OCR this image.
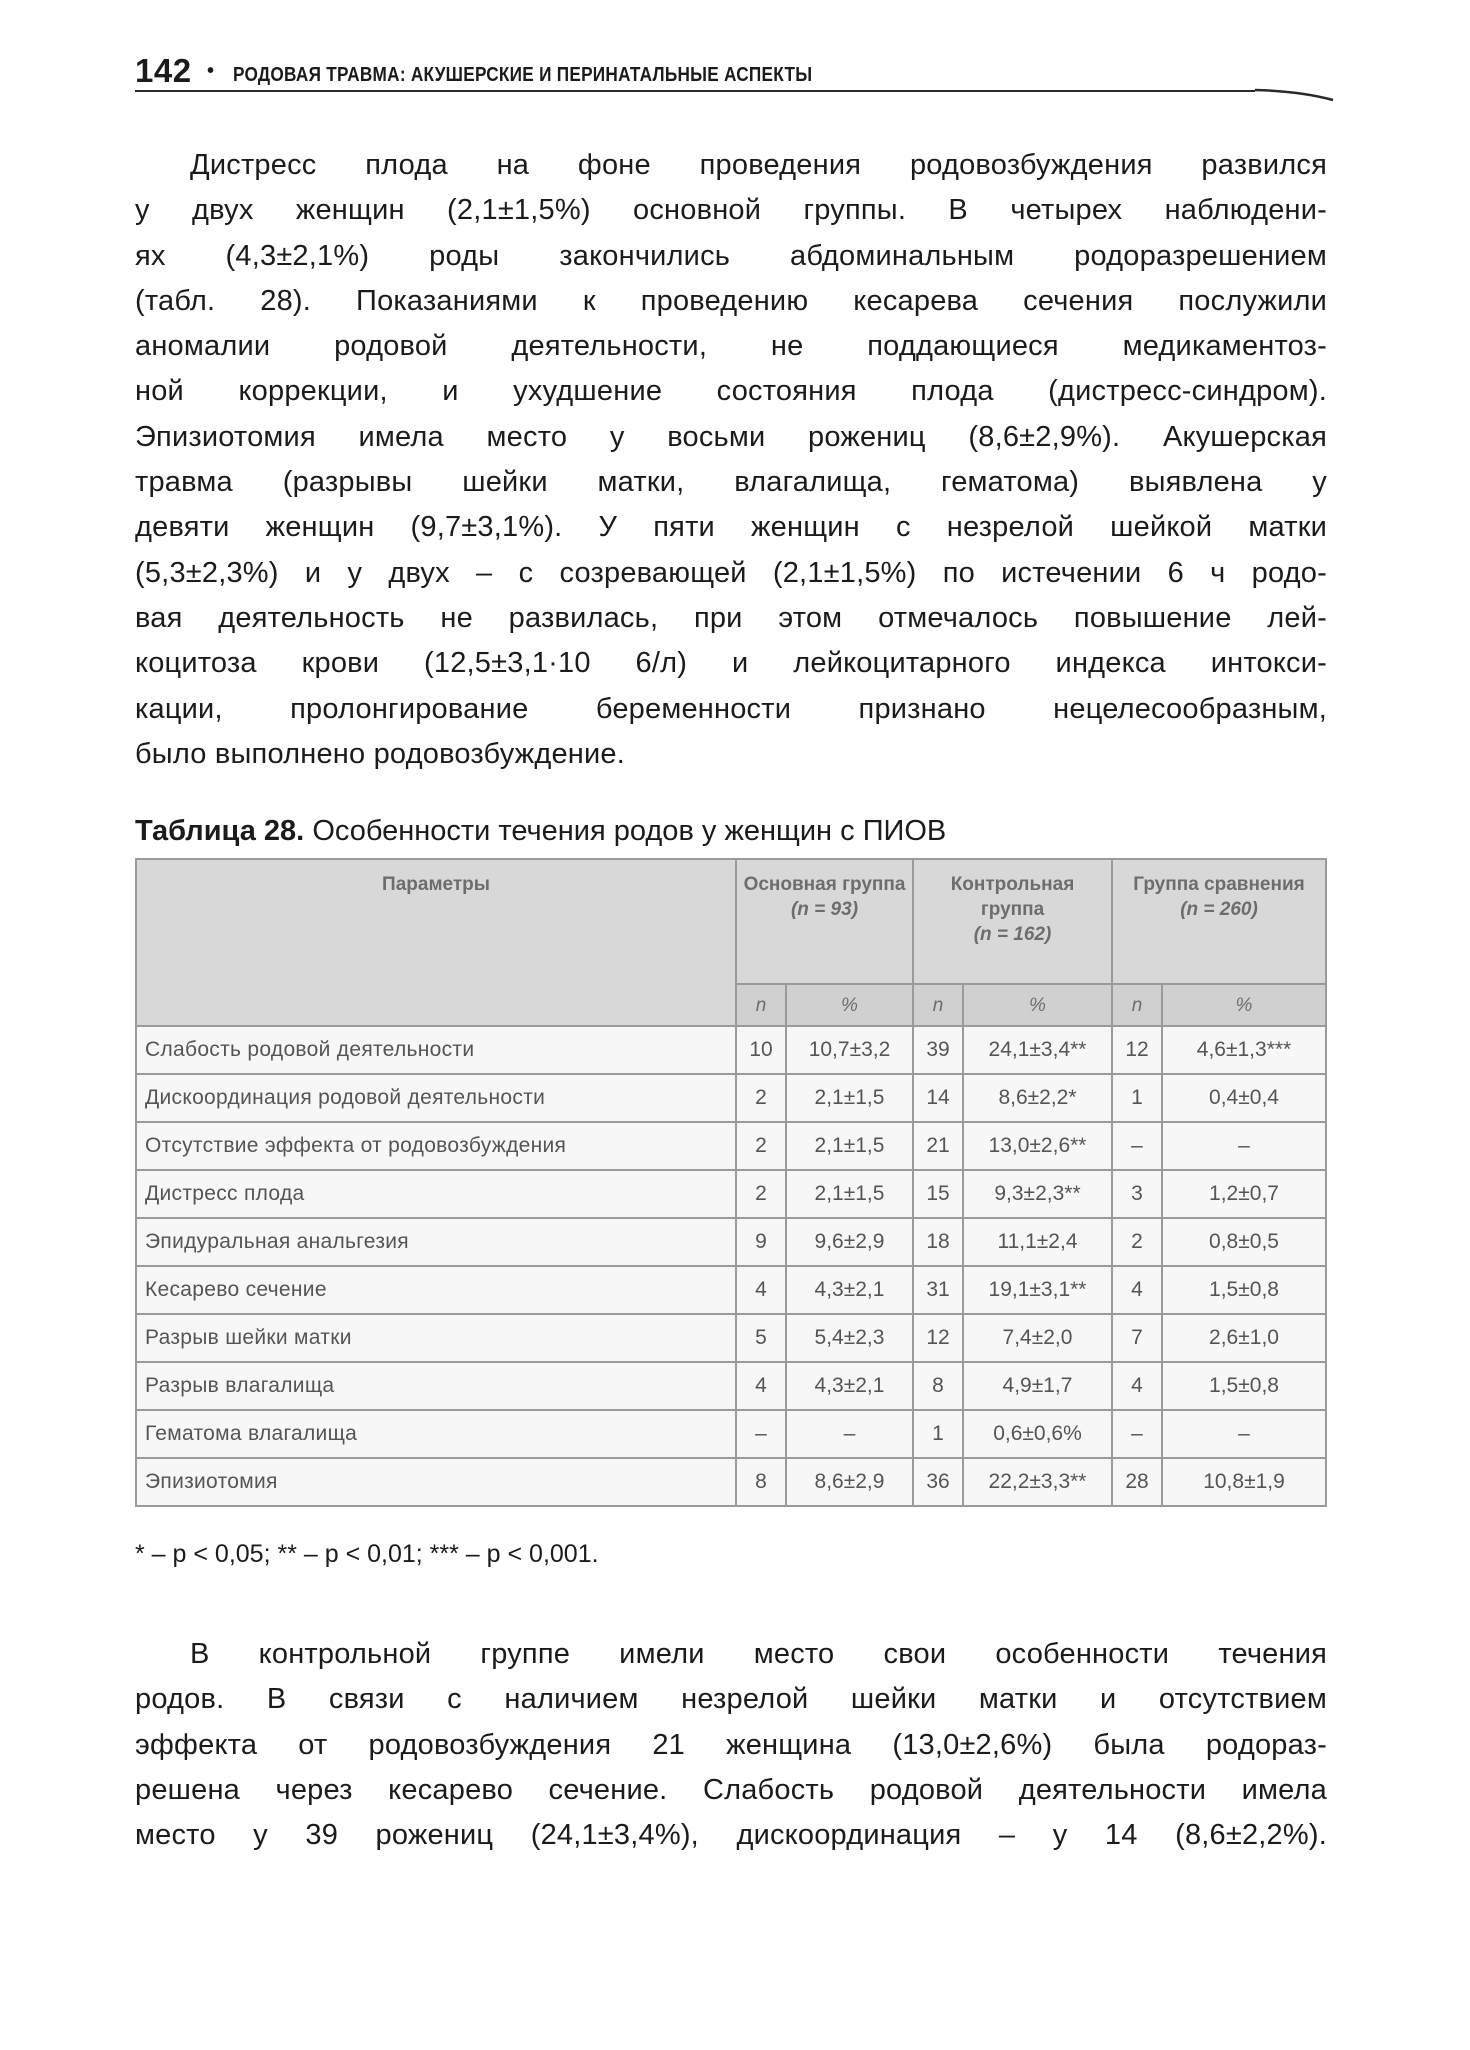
142 • РОДОВАЯ ТРАВМА: АКУШЕРСКИЕ И ПЕРИНАТАЛЬНЫЕ АСПЕКТЫ
Дистресс плода на фоне проведения родовозбуждения развился
у двух женщин (2,1±1,5%) основной группы. В четырех наблюдени-
ях (4,3±2,1%) роды закончились абдоминальным родоразрешением
(табл. 28). Показаниями к проведению кесарева сечения послужили
аномалии родовой деятельности, не поддающиеся медикаментоз-
ной коррекции, и ухудшение состояния плода (дистресс-синдром).
Эпизиотомия имела место у восьми рожениц (8,6±2,9%). Акушерская
травма (разрывы шейки матки, влагалища, гематома) выявлена у
девяти женщин (9,7±3,1%). У пяти женщин с незрелой шейкой матки
(5,3±2,3%) и у двух – с созревающей (2,1±1,5%) по истечении 6 ч родо-
вая деятельность не развилась, при этом отмечалось повышение лей-
коцитоза крови (12,5±3,1·10 6/л) и лейкоцитарного индекса интокси-
кации, пролонгирование беременности признано нецелесообразным,
было выполнено родовозбуждение.
Таблица 28. Особенности течения родов у женщин с ПИОВ
Параметры	Основная группа
(n = 93)		Контрольная группа
(n = 162)		Группа сравнения
(n = 260)	
	n	%	n	%	n	%
Слабость родовой деятельности	10	10,7±3,2	39	24,1±3,4**	12	4,6±1,3***
Дискоординация родовой деятельности	2	2,1±1,5	14	8,6±2,2*	1	0,4±0,4
Отсутствие эффекта от родовозбуждения	2	2,1±1,5	21	13,0±2,6**	–	–
Дистресс плода	2	2,1±1,5	15	9,3±2,3**	3	1,2±0,7
Эпидуральная анальгезия	9	9,6±2,9	18	11,1±2,4	2	0,8±0,5
Кесарево сечение	4	4,3±2,1	31	19,1±3,1**	4	1,5±0,8
Разрыв шейки матки	5	5,4±2,3	12	7,4±2,0	7	2,6±1,0
Разрыв влагалища	4	4,3±2,1	8	4,9±1,7	4	1,5±0,8
Гематома влагалища	–	–	1	0,6±0,6%	–	–
Эпизиотомия	8	8,6±2,9	36	22,2±3,3**	28	10,8±1,9
* – p < 0,05; ** – p < 0,01; *** – p < 0,001.
В контрольной группе имели место свои особенности течения
родов. В связи с наличием незрелой шейки матки и отсутствием
эффекта от родовозбуждения 21 женщина (13,0±2,6%) была родораз-
решена через кесарево сечение. Слабость родовой деятельности имела
место у 39 рожениц (24,1±3,4%), дискоординация – у 14 (8,6±2,2%).
